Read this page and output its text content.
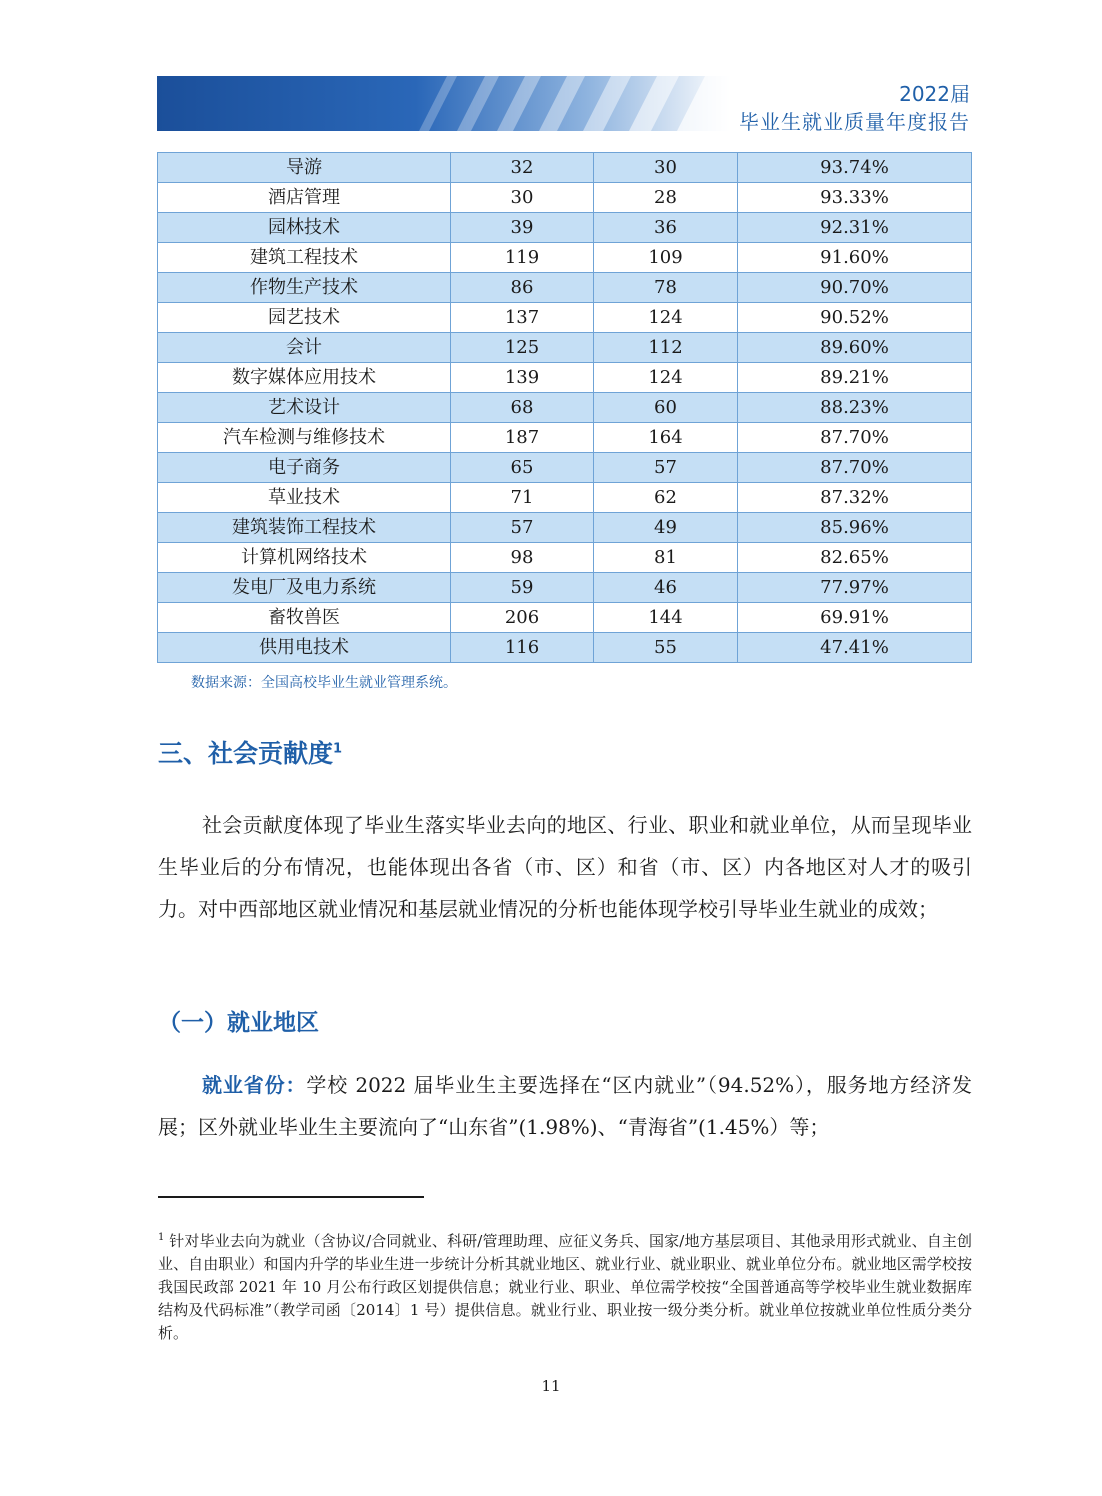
2022届
毕业生就业质量年度报告
导游	32	30	93.74%
酒店管理	30	28	93.33%
园林技术	39	36	92.31%
建筑工程技术	119	109	91.60%
作物生产技术	86	78	90.70%
园艺技术	137	124	90.52%
会计	125	112	89.60%
数字媒体应用技术	139	124	89.21%
艺术设计	68	60	88.23%
汽车检测与维修技术	187	164	87.70%
电子商务	65	57	87.70%
草业技术	71	62	87.32%
建筑装饰工程技术	57	49	85.96%
计算机网络技术	98	81	82.65%
发电厂及电力系统	59	46	77.97%
畜牧兽医	206	144	69.91%
供用电技术	116	55	47.41%
数据来源：全国高校毕业生就业管理系统。
三、社会贡献度$^1$

社会贡献度体现了毕业生落实毕业去向的地区、行业、职业和就业单位，从而呈现毕业生毕业后的分布情况，也能体现出各省（市、区）和省（市、区）内各地区对人才的吸引力。对中西部地区就业情况和基层就业情况的分析也能体现学校引导毕业生就业的成效；

（一）就业地区

就业省份：学校 2022 届毕业生主要选择在“区内就业”（94.52%），服务地方经济发展；区外就业毕业生主要流向了“山东省”(1.98%)、“青海省”(1.45%）等；

$^1$ 针对毕业去向为就业（含协议/合同就业、科研/管理助理、应征义务兵、国家/地方基层项目、其他录用形式就业、自主创业、自由职业）和国内升学的毕业生进一步统计分析其就业地区、就业行业、就业职业、就业单位分布。就业地区需学校按我国民政部 2021 年 10 月公布行政区划提供信息；就业行业、职业、单位需学校按“全国普通高等学校毕业生就业数据库结构及代码标准”（教学司函〔2014〕1 号）提供信息。就业行业、职业按一级分类分析。就业单位按就业单位性质分类分析。

11
